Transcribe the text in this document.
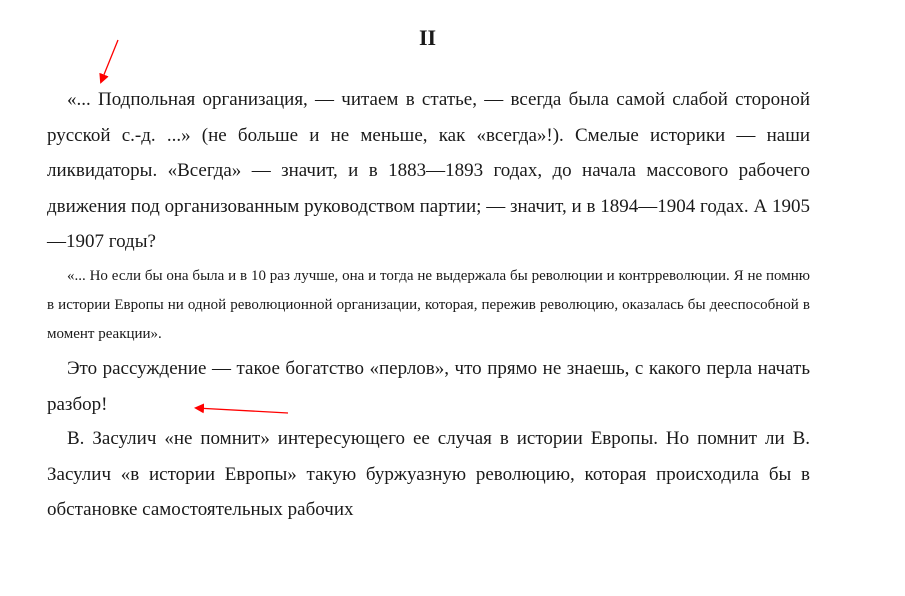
II

«... Подпольная организация, — читаем в статье, — всегда была самой слабой стороной русской с.-д. ...» (не больше и не меньше, как «всегда»!). Смелые историки — наши ликвидаторы. «Всегда» — значит, и в 1883—1893 годах, до начала массового рабочего движения под организованным руководством партии; — значит, и в 1894—1904 годах. А 1905—1907 годы?

«... Но если бы она была и в 10 раз лучше, она и тогда не выдержала бы революции и контрреволюции. Я не помню в истории Европы ни одной революционной организации, которая, пережив революцию, оказалась бы дееспособной в момент реакции».

Это рассуждение — такое богатство «перлов», что прямо не знаешь, с какого перла начать разбор!

В. Засулич «не помнит» интересующего ее случая в истории Европы. Но помнит ли В. Засулич «в истории Европы» такую буржуазную революцию, которая происходила бы в обстановке самостоятельных рабочих
